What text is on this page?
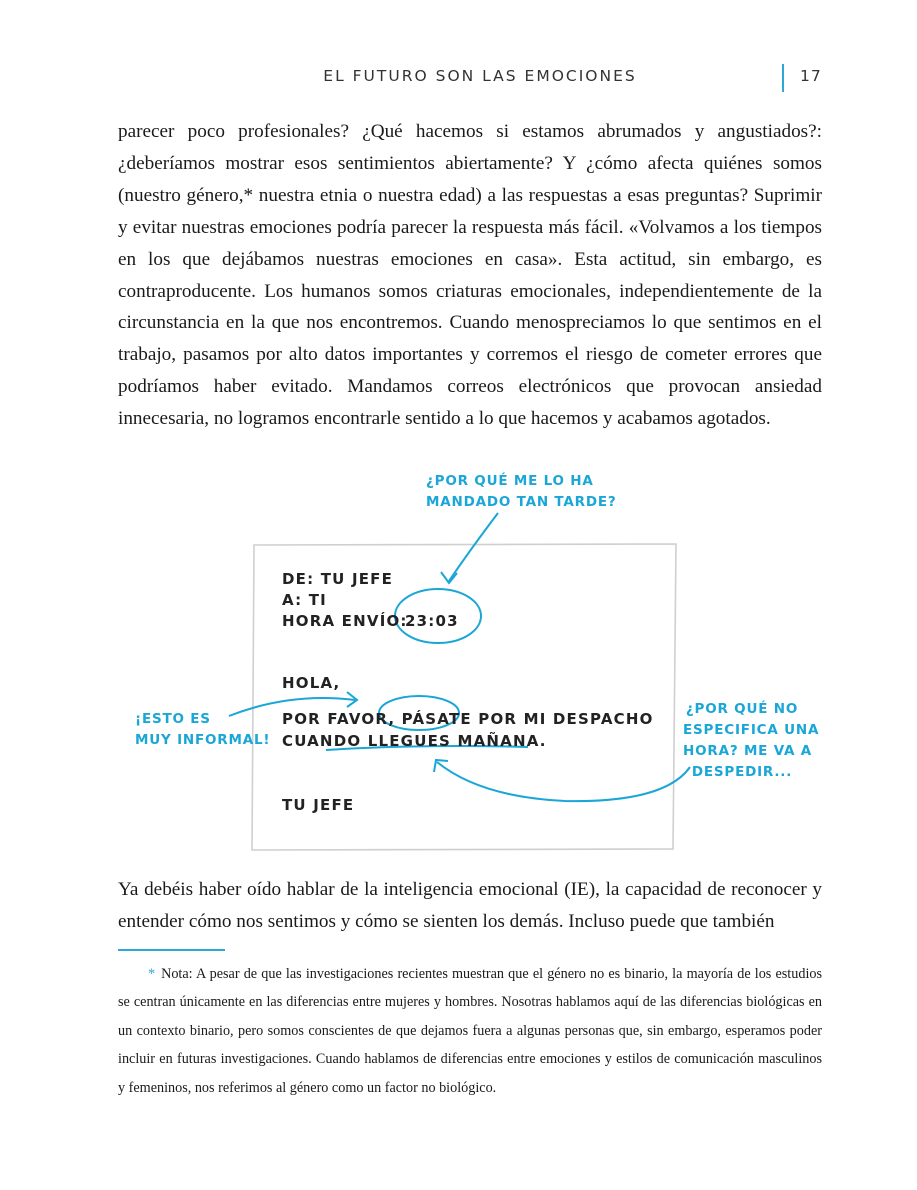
EL FUTURO SON LAS EMOCIONES	17

parecer poco profesionales? ¿Qué hacemos si estamos abrumados y angustiados?: ¿deberíamos mostrar esos sentimientos abiertamente? Y ¿cómo afecta quiénes somos (nuestro género,* nuestra etnia o nuestra edad) a las respuestas a esas preguntas? Suprimir y evitar nuestras emociones podría parecer la respuesta más fácil. «Volvamos a los tiempos en los que dejábamos nuestras emociones en casa». Esta actitud, sin embargo, es contraproducente. Los humanos somos criaturas emocionales, independientemente de la circunstancia en la que nos encontremos. Cuando menospreciamos lo que sentimos en el trabajo, pasamos por alto datos importantes y corremos el riesgo de cometer errores que podríamos haber evitado. Mandamos correos electrónicos que provocan ansiedad innecesaria, no logramos encontrarle sentido a lo que hacemos y acabamos agotados.

DE: TU JEFE
A: TI
HORA ENVÍO:
23:03
HOLA,
POR FAVOR, PÁSATE POR MI DESPACHO
CUANDO LLEGUES MAÑANA.
TU JEFE
¿POR QUÉ ME LO HA
MANDADO TAN TARDE?
¡ESTO ES
MUY INFORMAL!
¿POR QUÉ NO
ESPECIFICA UNA
HORA? ME VA A
DESPEDIR...

Ya debéis haber oído hablar de la inteligencia emocional (IE), la capacidad de reconocer y entender cómo nos sentimos y cómo se sienten los demás. Incluso puede que también

* Nota: A pesar de que las investigaciones recientes muestran que el género no es binario, la mayoría de los estudios se centran únicamente en las diferencias entre mujeres y hombres. Nosotras hablamos aquí de las diferencias biológicas en un contexto binario, pero somos conscientes de que dejamos fuera a algunas personas que, sin embargo, esperamos poder incluir en futuras investigaciones. Cuando hablamos de diferencias entre emociones y estilos de comunicación masculinos y femeninos, nos referimos al género como un factor no biológico.
